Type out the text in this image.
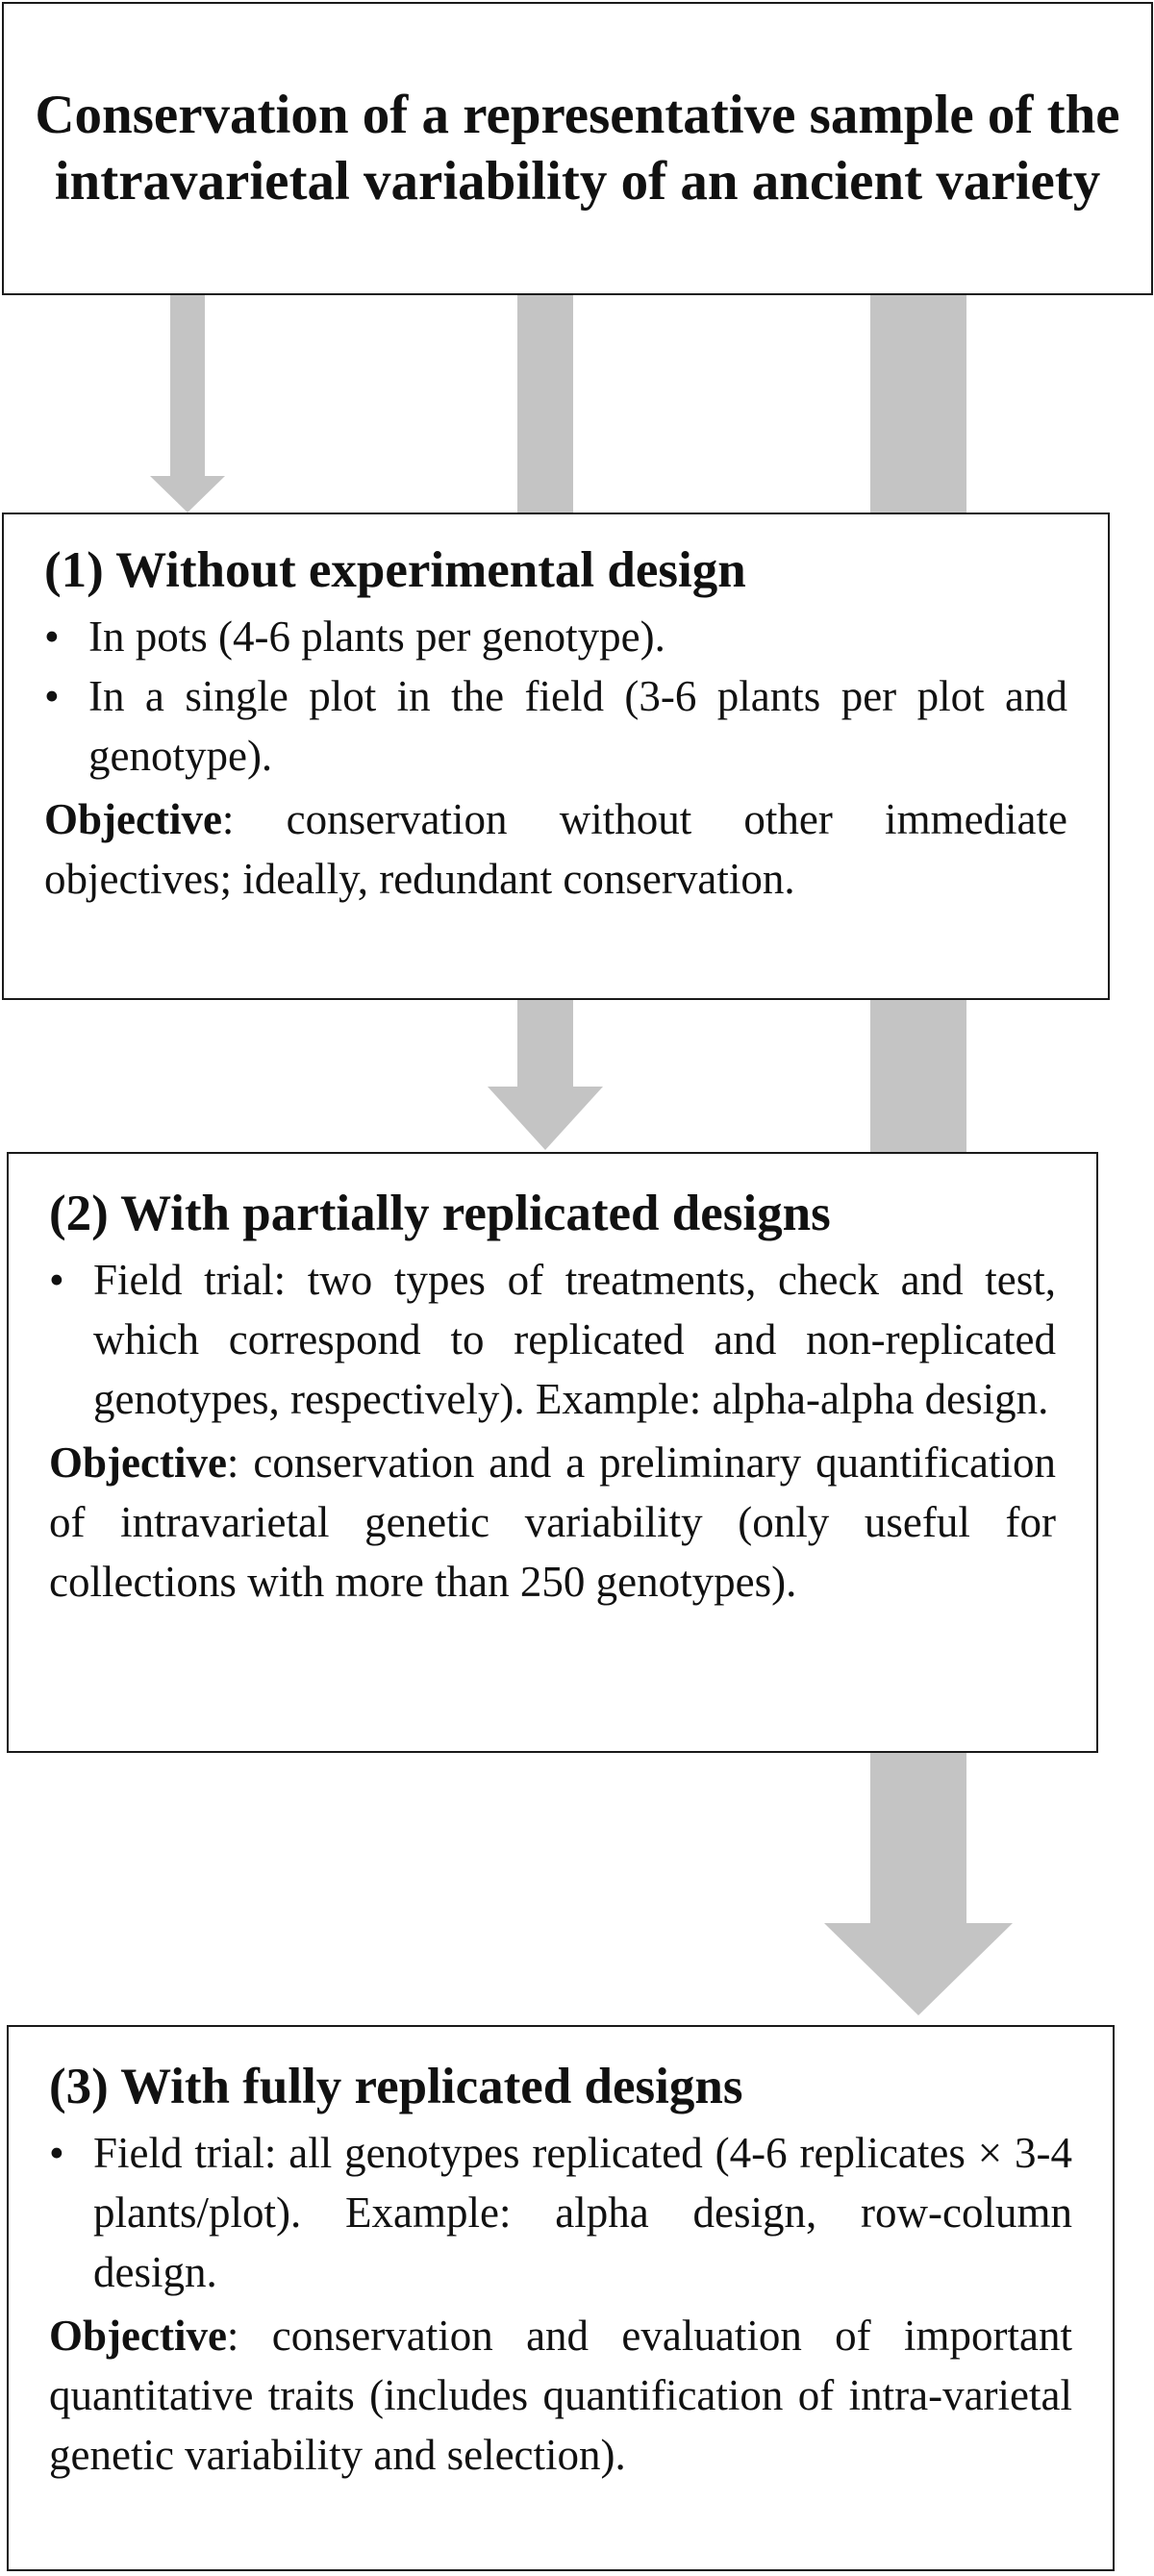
Conservation of a representative sample of the intravarietal variability of an ancient variety
(1) Without experimental design
• In pots (4-6 plants per genotype).
• In a single plot in the field (3-6 plants per plot and genotype).
Objective: conservation without other immediate objectives; ideally, redundant conservation.
(2) With partially replicated designs
• Field trial: two types of treatments, check and test, which correspond to replicated and non-replicated genotypes, respectively). Example: alpha-alpha design.
Objective: conservation and a preliminary quantification of intravarietal genetic variability (only useful for collections with more than 250 genotypes).
(3) With fully replicated designs
• Field trial: all genotypes replicated (4-6 replicates × 3-4 plants/plot). Example: alpha design, row-column design.
Objective: conservation and evaluation of important quantitative traits (includes quantification of intra-varietal genetic variability and selection).
